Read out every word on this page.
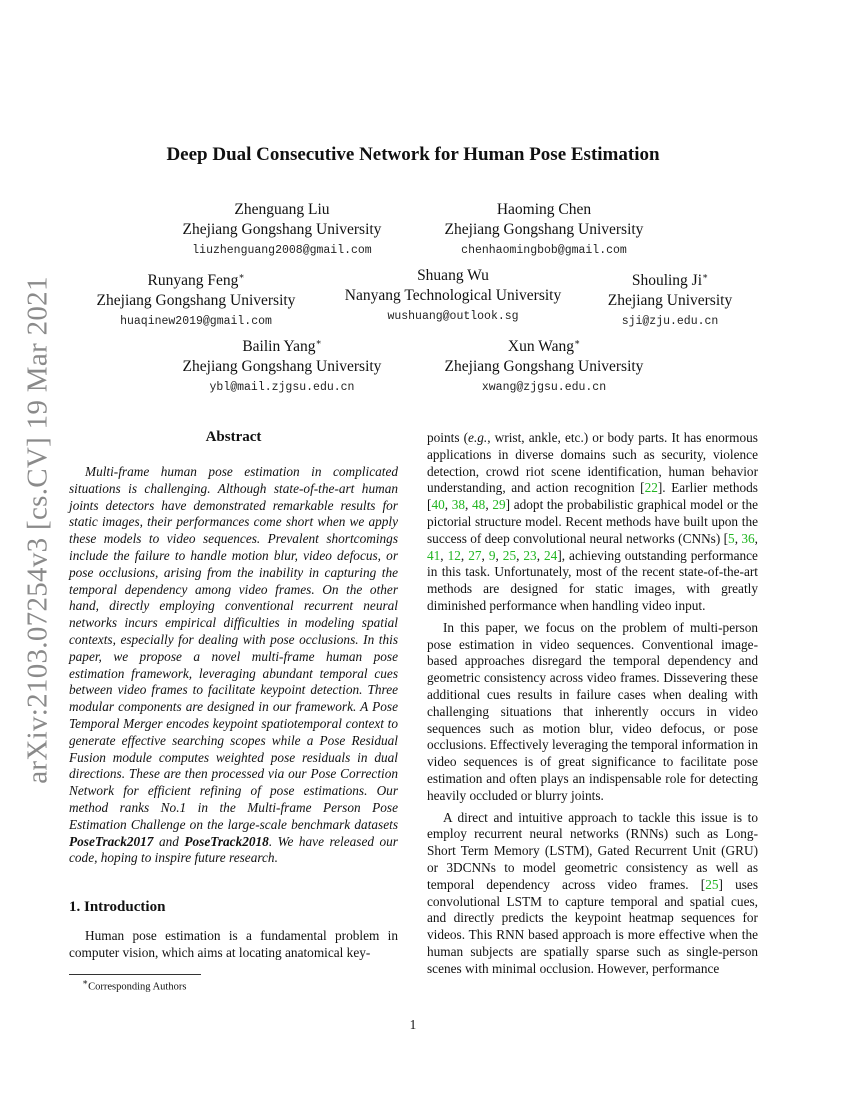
arXiv:2103.07254v3 [cs.CV] 19 Mar 2021
Deep Dual Consecutive Network for Human Pose Estimation
Zhenguang Liu
Zhejiang Gongshang University
liuzhenguang2008@gmail.com
Haoming Chen
Zhejiang Gongshang University
chenhaomingbob@gmail.com
Runyang Feng∗
Zhejiang Gongshang University
huaqinew2019@gmail.com
Shuang Wu
Nanyang Technological University
wushuang@outlook.sg
Shouling Ji∗
Zhejiang University
sji@zju.edu.cn
Bailin Yang∗
Zhejiang Gongshang University
ybl@mail.zjgsu.edu.cn
Xun Wang∗
Zhejiang Gongshang University
xwang@zjgsu.edu.cn
Abstract

Multi-frame human pose estimation in complicated situations is challenging. Although state-of-the-art human joints detectors have demonstrated remarkable results for static images, their performances come short when we apply these models to video sequences. Prevalent shortcomings include the failure to handle motion blur, video defocus, or pose occlusions, arising from the inability in capturing the temporal dependency among video frames. On the other hand, directly employing conventional recurrent neural networks incurs empirical difficulties in modeling spatial contexts, especially for dealing with pose occlusions. In this paper, we propose a novel multi-frame human pose estimation framework, leveraging abundant temporal cues between video frames to facilitate keypoint detection. Three modular components are designed in our framework. A Pose Temporal Merger encodes keypoint spatiotemporal context to generate effective searching scopes while a Pose Residual Fusion module computes weighted pose residuals in dual directions. These are then processed via our Pose Correction Network for efficient refining of pose estimations. Our method ranks No.1 in the Multi-frame Person Pose Estimation Challenge on the large-scale benchmark datasets PoseTrack2017 and PoseTrack2018. We have released our code, hoping to inspire future research.

1. Introduction

Human pose estimation is a fundamental problem in computer vision, which aims at locating anatomical key-

points (e.g., wrist, ankle, etc.) or body parts. It has enormous applications in diverse domains such as security, violence detection, crowd riot scene identification, human behavior understanding, and action recognition [22]. Earlier methods [40, 38, 48, 29] adopt the probabilistic graphical model or the pictorial structure model. Recent methods have built upon the success of deep convolutional neural networks (CNNs) [5, 36, 41, 12, 27, 9, 25, 23, 24], achieving outstanding performance in this task. Unfortunately, most of the recent state-of-the-art methods are designed for static images, with greatly diminished performance when handling video input.

In this paper, we focus on the problem of multi-person pose estimation in video sequences. Conventional image-based approaches disregard the temporal dependency and geometric consistency across video frames. Dissevering these additional cues results in failure cases when dealing with challenging situations that inherently occurs in video sequences such as motion blur, video defocus, or pose occlusions. Effectively leveraging the temporal information in video sequences is of great significance to facilitate pose estimation and often plays an indispensable role for detecting heavily occluded or blurry joints.

A direct and intuitive approach to tackle this issue is to employ recurrent neural networks (RNNs) such as Long-Short Term Memory (LSTM), Gated Recurrent Unit (GRU) or 3DCNNs to model geometric consistency as well as temporal dependency across video frames. [25] uses convolutional LSTM to capture temporal and spatial cues, and directly predicts the keypoint heatmap sequences for videos. This RNN based approach is more effective when the human subjects are spatially sparse such as single-person scenes with minimal occlusion. However, performance

∗Corresponding Authors
1
